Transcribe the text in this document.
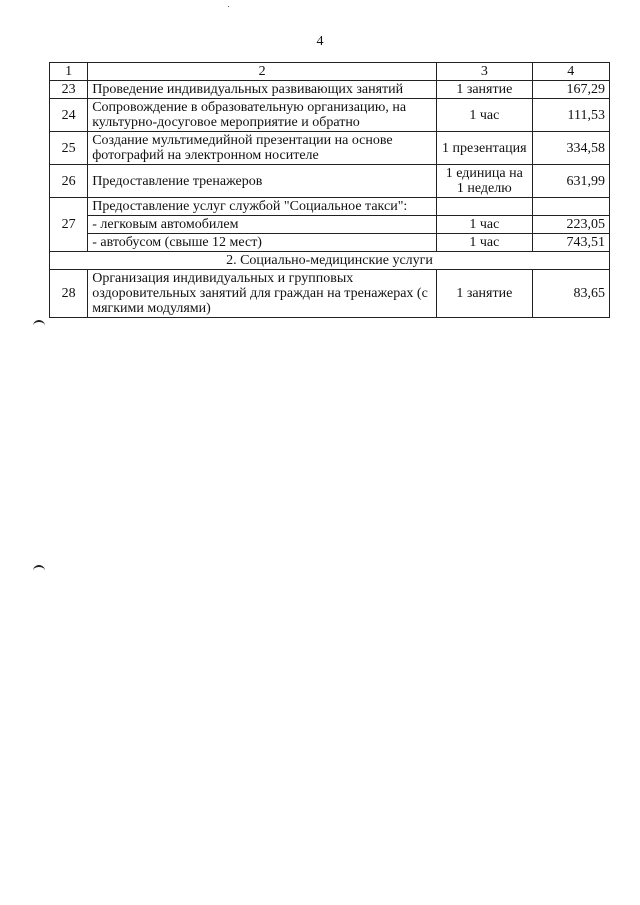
4
1	2	3	4
23	Проведение индивидуальных развивающих занятий	1 занятие	167,29
24	Сопровождение в образовательную организацию, на культурно-досуговое мероприятие и обратно	1 час	111,53
25	Создание мультимедийной презентации на основе фотографий на электронном носителе	1 презентация	334,58
26	Предоставление тренажеров	1 единица на 1 неделю	631,99
27	Предоставление услуг службой "Социальное такси":		
	- легковым автомобилем	1 час	223,05
	- автобусом (свыше 12 мест)	1 час	743,51
2. Социально-медицинские услуги			
28	Организация индивидуальных и групповых оздоровительных занятий для граждан на тренажерах (с мягкими модулями)	1 занятие	83,65
